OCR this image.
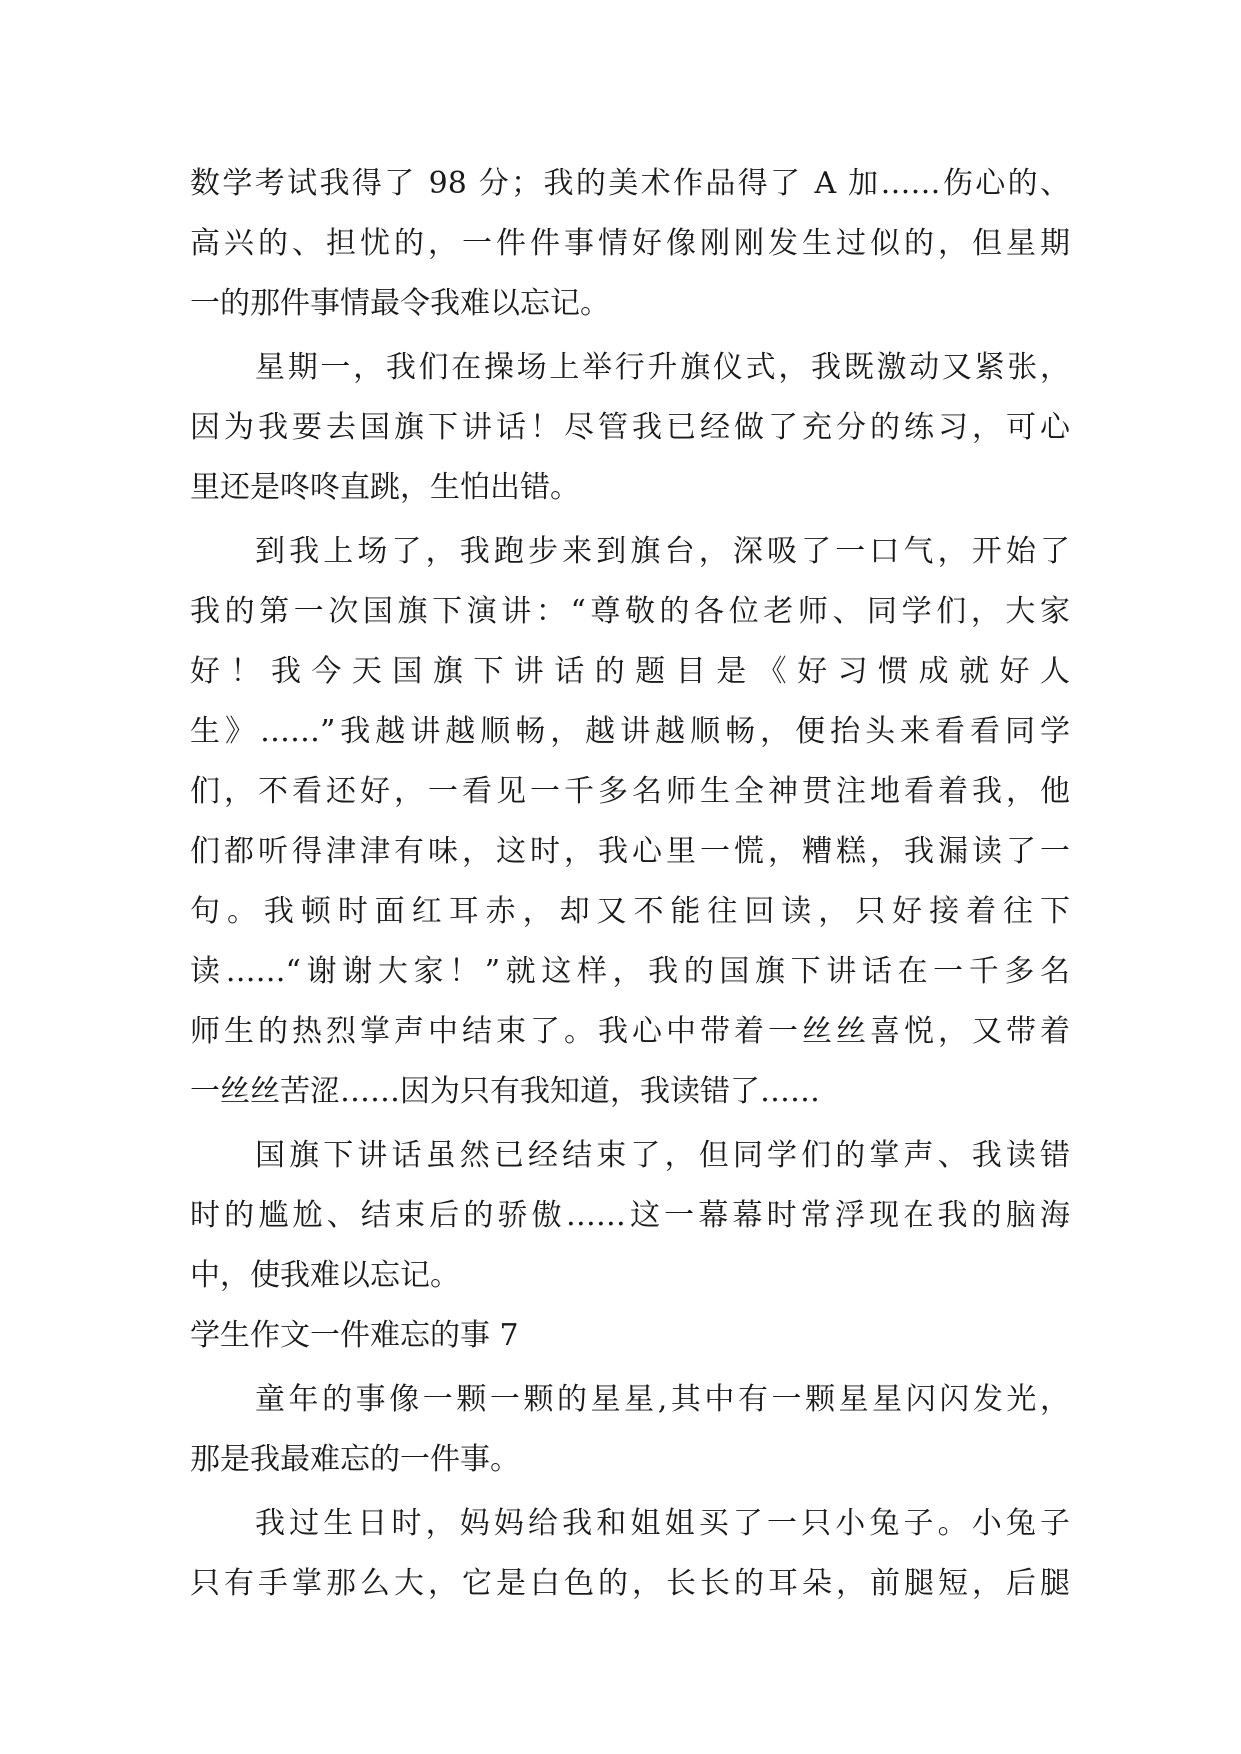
数学考试我得了 98 分；我的美术作品得了 A 加……伤心的、
高兴的、担忧的，一件件事情好像刚刚发生过似的，但星期
一的那件事情最令我难以忘记。
星期一，我们在操场上举行升旗仪式，我既激动又紧张，
因为我要去国旗下讲话！尽管我已经做了充分的练习，可心
里还是咚咚直跳，生怕出错。
到我上场了，我跑步来到旗台，深吸了一口气，开始了
我的第一次国旗下演讲：“尊敬的各位老师、同学们，大家
好！我今天国旗下讲话的题目是《好习惯成就好人
生》……”我越讲越顺畅，越讲越顺畅，便抬头来看看同学
们，不看还好，一看见一千多名师生全神贯注地看着我，他
们都听得津津有味，这时，我心里一慌，糟糕，我漏读了一
句。我顿时面红耳赤，却又不能往回读，只好接着往下
读……“谢谢大家！”就这样，我的国旗下讲话在一千多名
师生的热烈掌声中结束了。我心中带着一丝丝喜悦，又带着
一丝丝苦涩……因为只有我知道，我读错了……
国旗下讲话虽然已经结束了，但同学们的掌声、我读错
时的尴尬、结束后的骄傲……这一幕幕时常浮现在我的脑海
中，使我难以忘记。
学生作文一件难忘的事 7
童年的事像一颗一颗的星星,其中有一颗星星闪闪发光，
那是我最难忘的一件事。
我过生日时，妈妈给我和姐姐买了一只小兔子。小兔子
只有手掌那么大，它是白色的，长长的耳朵，前腿短，后腿
